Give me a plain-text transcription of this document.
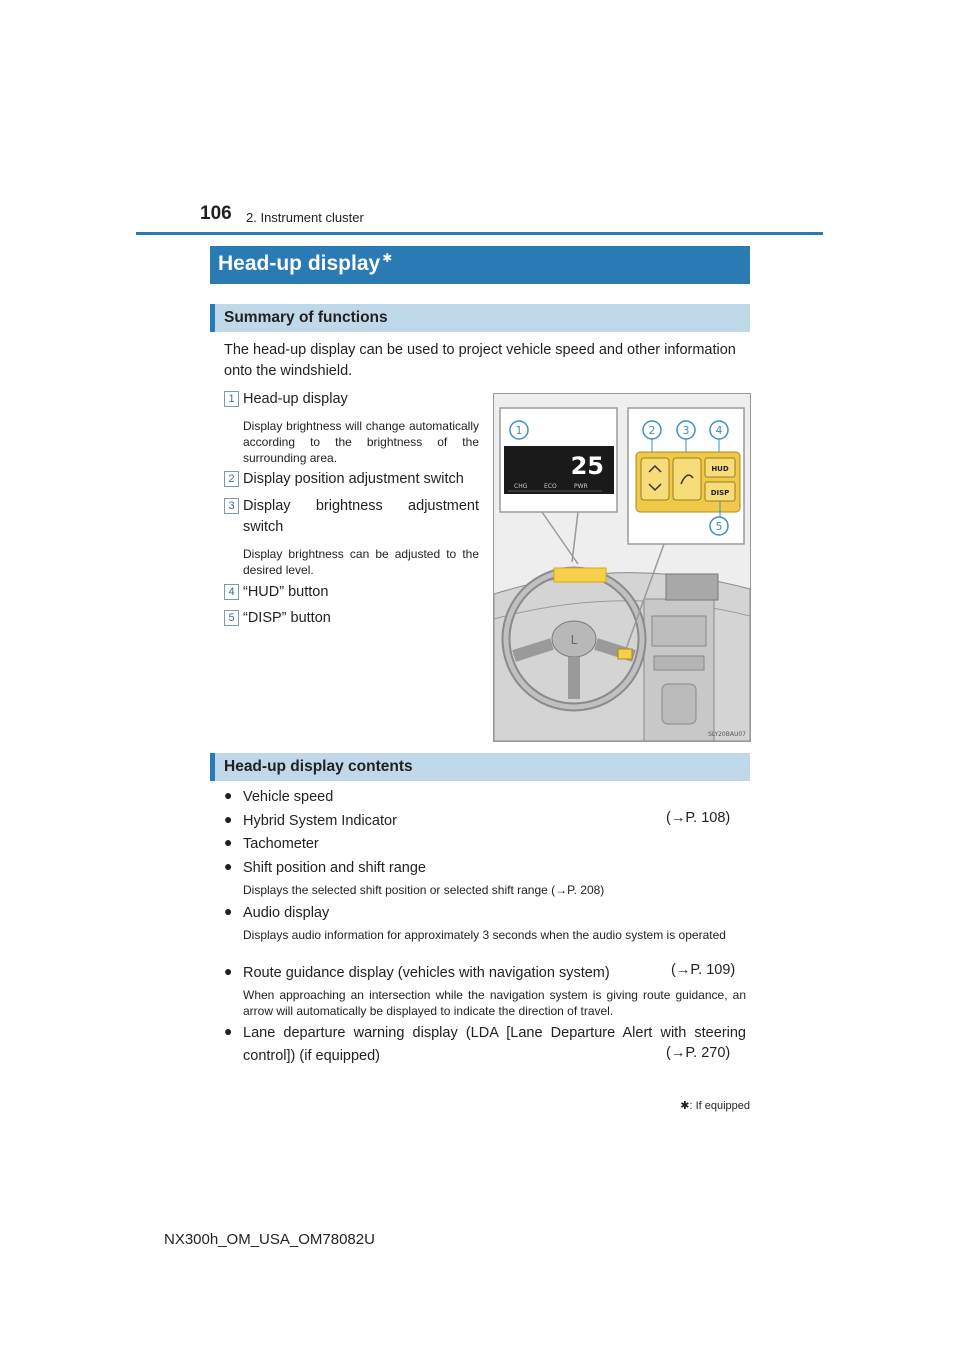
106 2. Instrument cluster
Head-up display ✱
Summary of functions
The head-up display can be used to project vehicle speed and other information onto the windshield.
1 Head-up display
Display brightness will change automatically according to the brightness of the surrounding area.
2 Display position adjustment switch
3 Display brightness adjustment switch
Display brightness can be adjusted to the desired level.
4 “HUD” button
5 “DISP” button
L
1
25
CHG	ECO	PWR
2 3 4
HUD
DISP
5
SLY20BAU07
Head-up display contents
● Vehicle speed
● Hybrid System Indicator	(→P. 108)
● Tachometer
● Shift position and shift range
Displays the selected shift position or selected shift range (→P. 208)
● Audio display
Displays audio information for approximately 3 seconds when the audio system is operated
● Route guidance display (vehicles with navigation system)	(→P. 109)
When approaching an intersection while the navigation system is giving route guidance, an arrow will automatically be displayed to indicate the direction of travel.
● Lane departure warning display (LDA [Lane Departure Alert with steering control]) (if equipped)	(→P. 270)
✱: If equipped
NX300h_OM_USA_OM78082U
